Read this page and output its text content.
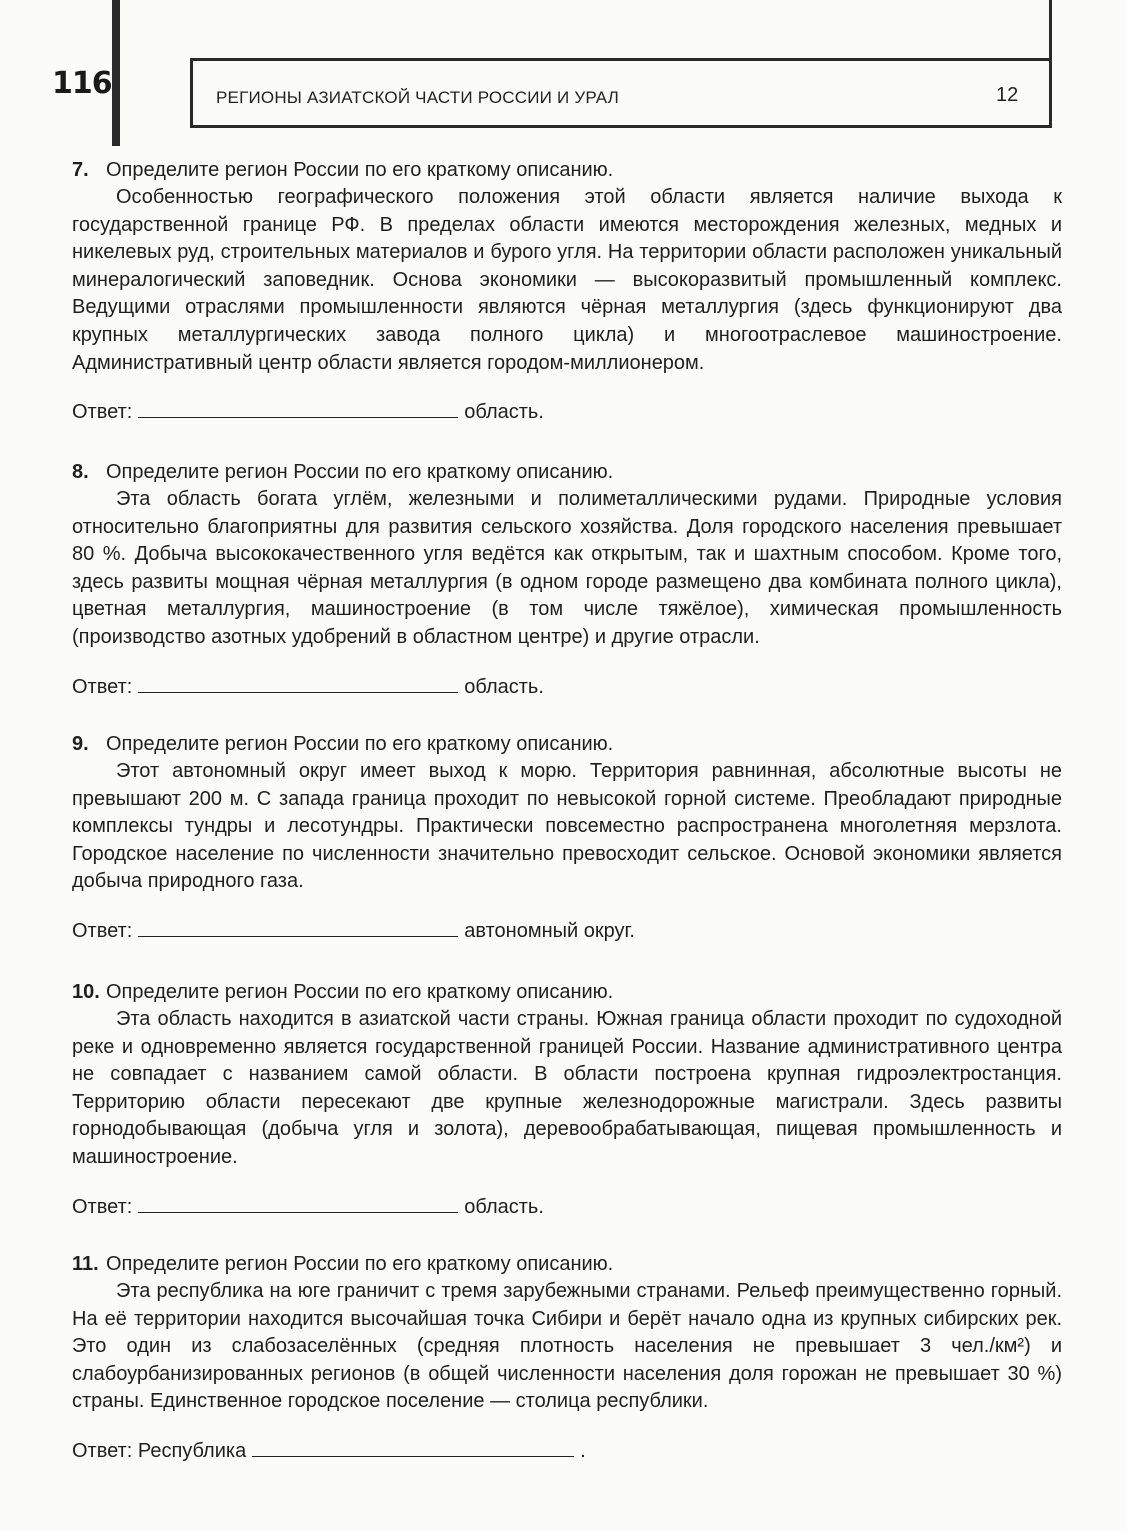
116	РЕГИОНЫ АЗИАТСКОЙ ЧАСТИ РОССИИ И УРАЛ	12

7. Определите регион России по его краткому описанию.

Особенностью географического положения этой области является наличие выхода к государственной границе РФ. В пределах области имеются месторождения железных, медных и никелевых руд, строительных материалов и бурого угля. На территории области расположен уникальный минералогический заповедник. Основа экономики — высокоразвитый промышленный комплекс. Ведущими отраслями промышленности являются чёрная металлургия (здесь функционируют два крупных металлургических завода полного цикла) и многоотраслевое машиностроение. Административный центр области является городом-миллионером.

Ответ:	область.

8. Определите регион России по его краткому описанию.

Эта область богата углём, железными и полиметаллическими рудами. Природные условия относительно благоприятны для развития сельского хозяйства. Доля городского населения превышает 80 %. Добыча высококачественного угля ведётся как открытым, так и шахтным способом. Кроме того, здесь развиты мощная чёрная металлургия (в одном городе размещено два комбината полного цикла), цветная металлургия, машиностроение (в том числе тяжёлое), химическая промышленность (производство азотных удобрений в областном центре) и другие отрасли.

Ответ:	область.

9. Определите регион России по его краткому описанию.

Этот автономный округ имеет выход к морю. Территория равнинная, абсолютные высоты не превышают 200 м. С запада граница проходит по невысокой горной системе. Преобладают природные комплексы тундры и лесотундры. Практически повсеместно распространена многолетняя мерзлота. Городское население по численности значительно превосходит сельское. Основой экономики является добыча природного газа.

Ответ:	автономный округ.

10. Определите регион России по его краткому описанию.

Эта область находится в азиатской части страны. Южная граница области проходит по судоходной реке и одновременно является государственной границей России. Название административного центра не совпадает с названием самой области. В области построена крупная гидроэлектростанция. Территорию области пересекают две крупные железнодорожные магистрали. Здесь развиты горнодобывающая (добыча угля и золота), деревообрабатывающая, пищевая промышленность и машиностроение.

Ответ:	область.

11. Определите регион России по его краткому описанию.

Эта республика на юге граничит с тремя зарубежными странами. Рельеф преимущественно горный. На её территории находится высочайшая точка Сибири и берёт начало одна из крупных сибирских рек. Это один из слабозаселённых (средняя плотность населения не превышает 3 чел./км²) и слабоурбанизированных регионов (в общей численности населения доля горожан не превышает 30 %) страны. Единственное городское поселение — столица республики.

Ответ: Республика	.
